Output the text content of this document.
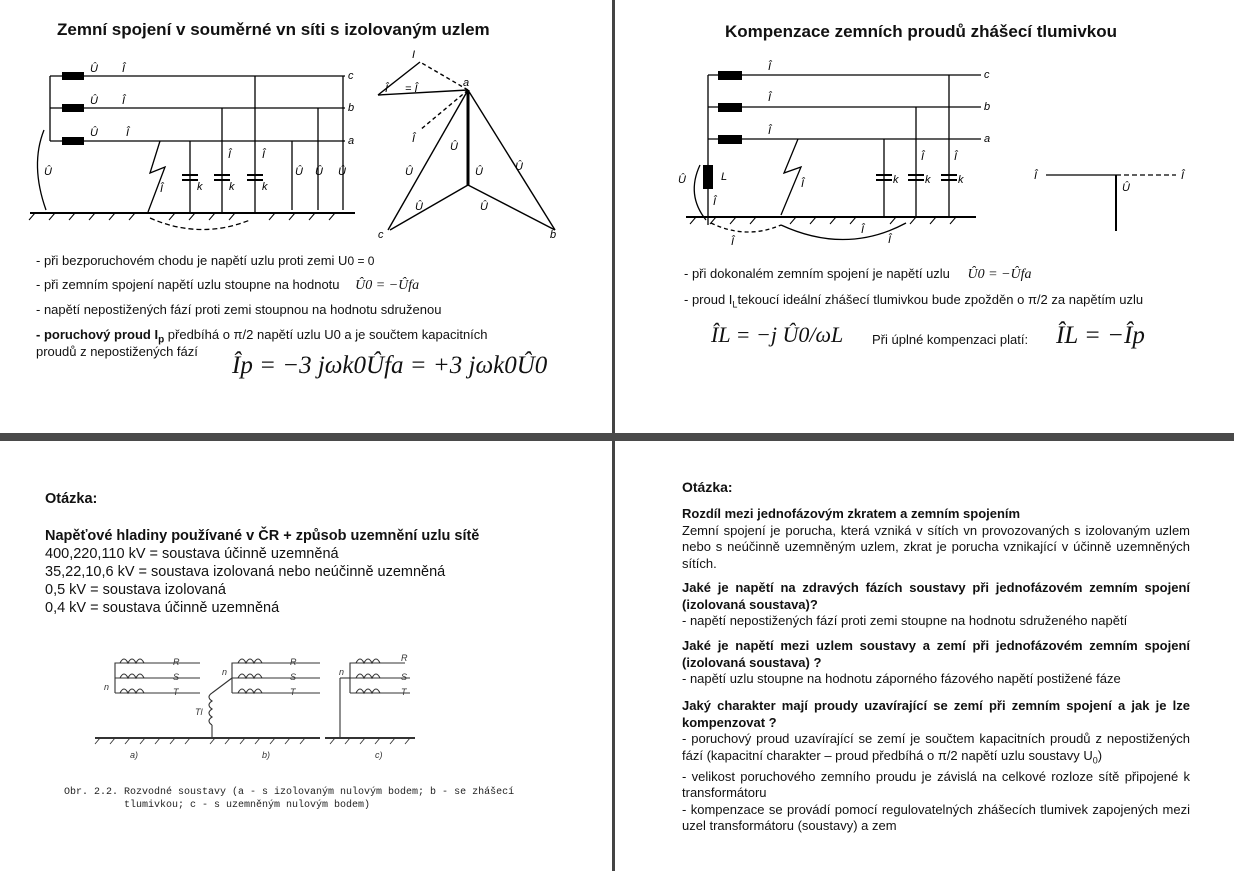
Zemní spojení v souměrné vn síti s izolovaným uzlem
c
b
a
Û Î
Û Î
Û	Î
Û
Î	k k	k
Î	Î
Û Û Û
a
c	b
Î
Î
Î = Î
Û
Û
Û	Û
Û
Û
- při bezporuchovém chodu je napětí uzlu proti zemi U0 = 0
- při zemním spojení napětí uzlu stoupne na hodnotu Û0 = −Ûfa
- napětí nepostižených fází proti zemi stoupnou na hodnotu sdruženou
- poruchový proud $I_p$ předbíhá o π/2 napětí uzlu U0 a je součtem kapacitních
proudů z nepostižených fází
Îp = −3 jωk0Ûfa = +3 jωk0Û0
Kompenzace zemních proudů zhášecí tlumivkou
c
b
a
Î
Î
Î
Û	L
Î
Î	k k	k
Î	Î
Î
Î
Î
Î	Î
Û
- při dokonalém zemním spojení je napětí uzlu Û0 = −Ûfa
- proud $I_Ltekoucí$ ideální zhášecí tlumivkou bude zpožděn o π/2 za napětím uzlu
ÎL = −j Û0/ωL Při úplné kompenzaci platí: ÎL = −Îp
Otázka:
Napěťové hladiny používané v ČR + způsob uzemnění uzlu sítě
400,220,110 kV = soustava účinně uzemněná
35,22,10,6 kV = soustava izolovaná nebo neúčinně uzemněná
0,5 kV = soustava izolovaná
0,4 kV = soustava účinně uzemněná
R
S
T
n
a)
R
S
T
n
Tl
b)
R
S
T
n
c)
Obr. 2.2. Rozvodné soustavy (a - s izolovaným nulovým bodem; b - se zhášecí
tlumivkou; c - s uzemněným nulovým bodem)
Otázka:
Rozdíl mezi jednofázovým zkratem a zemním spojením
Zemní spojení je porucha, která vzniká v sítích vn provozovaných s izolovaným uzlem nebo s neúčinně uzemněným uzlem, zkrat je porucha vznikající v účinně uzemněných sítích.
Jaké je napětí na zdravých fázích soustavy při jednofázovém zemním spojení (izolovaná soustava)?
- napětí nepostižených fází proti zemi stoupne na hodnotu sdruženého napětí
Jaké je napětí mezi uzlem soustavy a zemí při jednofázovém zemním spojení (izolovaná soustava) ?
- napětí uzlu stoupne na hodnotu záporného fázového napětí postižené fáze
Jaký charakter mají proudy uzavírající se zemí při zemním spojení a jak je lze kompenzovat ?
- poruchový proud uzavírající se zemí je součtem kapacitních proudů z nepostižených fází (kapacitní charakter – proud předbíhá o π/2 napětí uzlu soustavy $U_0$)
- velikost poruchového zemního proudu je závislá na celkové rozloze sítě připojené k transformátoru
- kompenzace se provádí pomocí regulovatelných zhášecích tlumivek zapojených mezi uzel transformátoru (soustavy) a zem
